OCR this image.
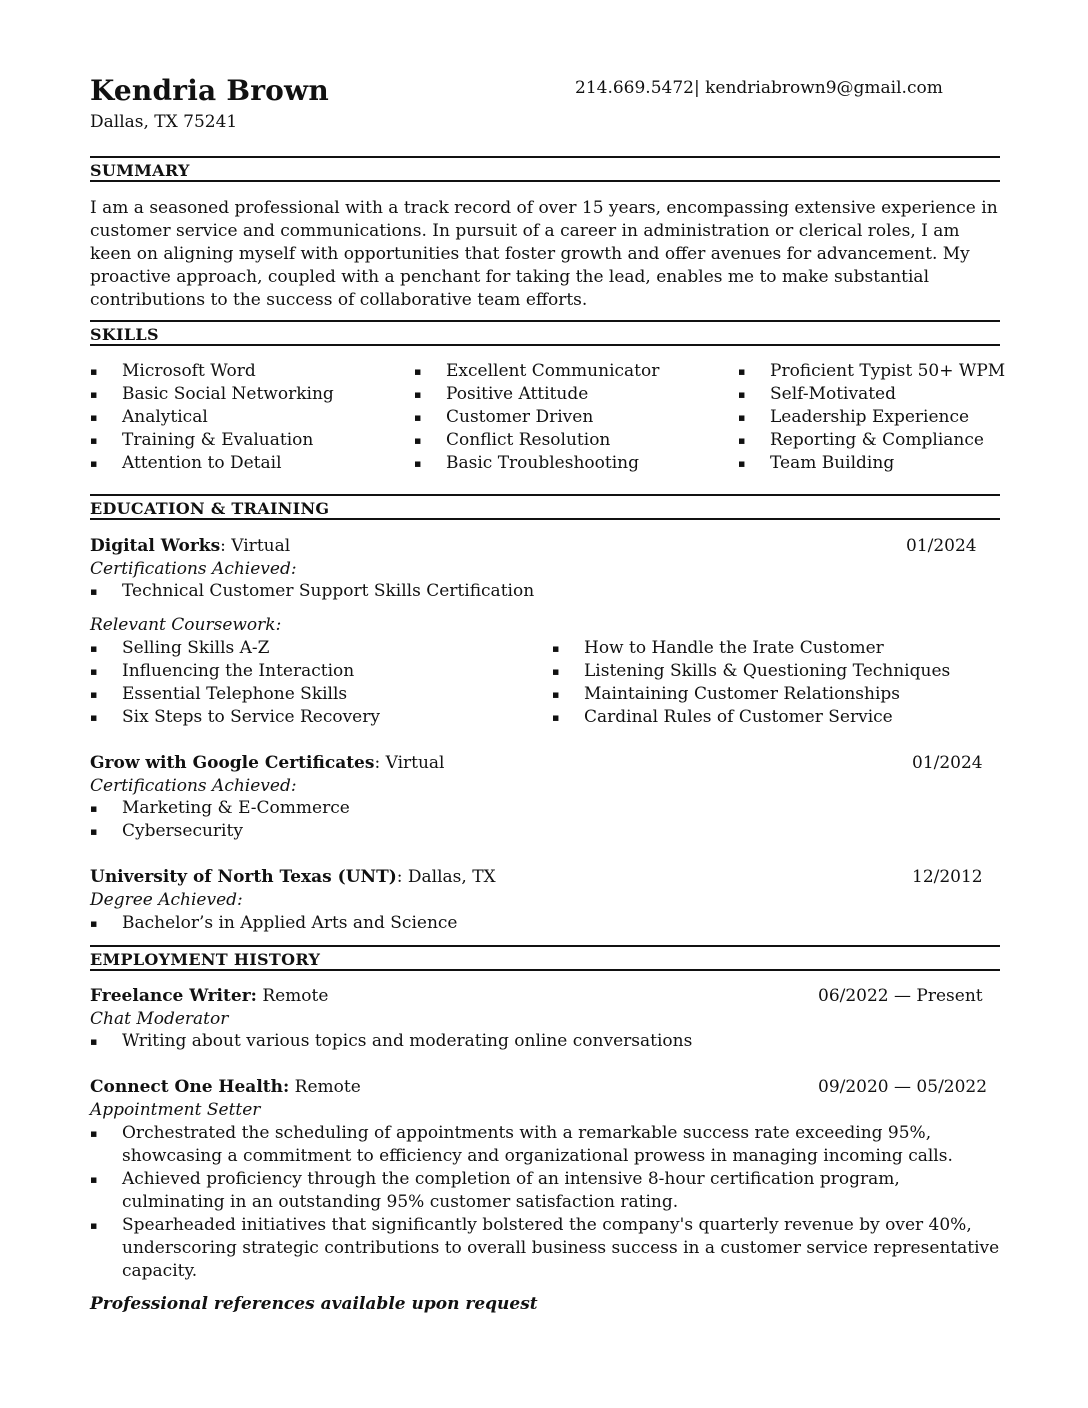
Kendria Brown
Dallas, TX 75241
214.669.5472| kendriabrown9@gmail.com
SUMMARY
I am a seasoned professional with a track record of over 15 years, encompassing extensive experience in customer service and communications. In pursuit of a career in administration or clerical roles, I am keen on aligning myself with opportunities that foster growth and offer avenues for advancement. My proactive approach, coupled with a penchant for taking the lead, enables me to make substantial contributions to the success of collaborative team efforts.
SKILLS
▪ Microsoft Word
▪ Basic Social Networking
▪ Analytical
▪ Training & Evaluation
▪ Attention to Detail
▪ Excellent Communicator
▪ Positive Attitude
▪ Customer Driven
▪ Conflict Resolution
▪ Basic Troubleshooting
▪ Proficient Typist 50+ WPM
▪ Self-Motivated
▪ Leadership Experience
▪ Reporting & Compliance
▪ Team Building
EDUCATION & TRAINING
Digital Works: Virtual	01/2024
Certifications Achieved:
▪ Technical Customer Support Skills Certification
Relevant Coursework:
▪ Selling Skills A-Z
▪ Influencing the Interaction
▪ Essential Telephone Skills
▪ Six Steps to Service Recovery
▪ How to Handle the Irate Customer
▪ Listening Skills & Questioning Techniques
▪ Maintaining Customer Relationships
▪ Cardinal Rules of Customer Service
Grow with Google Certificates: Virtual	01/2024
Certifications Achieved:
▪ Marketing & E-Commerce
▪ Cybersecurity
University of North Texas (UNT): Dallas, TX	12/2012
Degree Achieved:
▪ Bachelor’s in Applied Arts and Science
EMPLOYMENT HISTORY
Freelance Writer: Remote	06/2022 — Present
Chat Moderator
▪ Writing about various topics and moderating online conversations
Connect One Health: Remote	09/2020 — 05/2022
Appointment Setter
▪ Orchestrated the scheduling of appointments with a remarkable success rate exceeding 95%, showcasing a commitment to efficiency and organizational prowess in managing incoming calls.
▪ Achieved proficiency through the completion of an intensive 8-hour certification program, culminating in an outstanding 95% customer satisfaction rating.
▪ Spearheaded initiatives that significantly bolstered the company's quarterly revenue by over 40%, underscoring strategic contributions to overall business success in a customer service representative capacity.
Professional references available upon request
